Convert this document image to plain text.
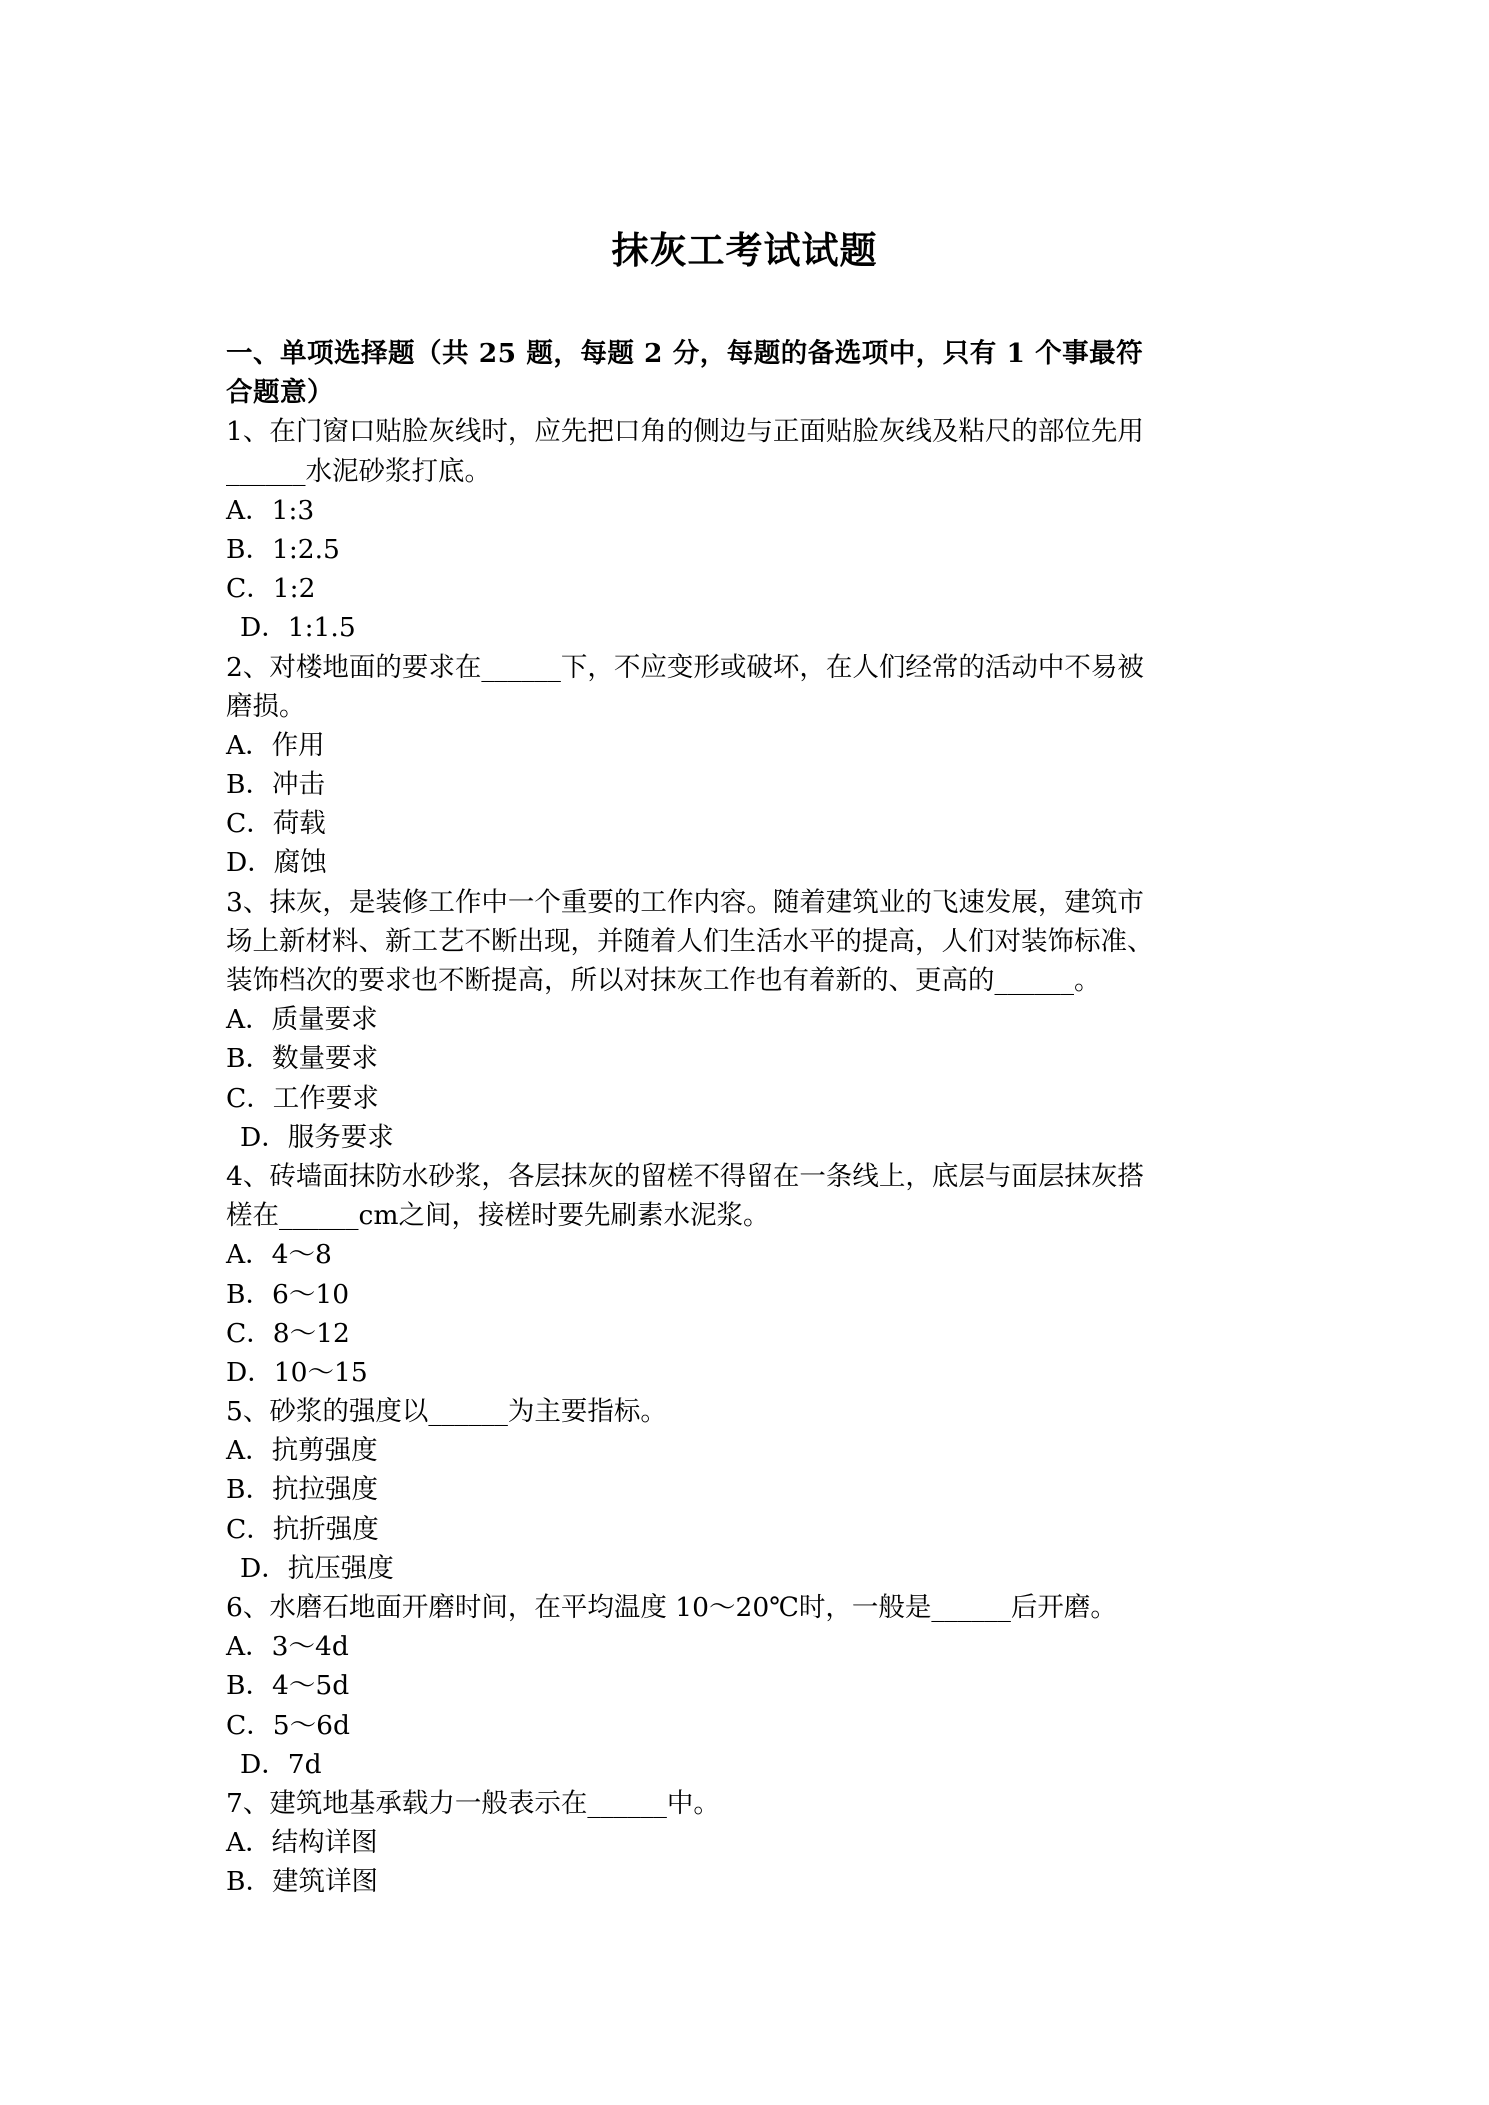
抹灰工考试试题
一、单项选择题（共 25 题，每题 2 分，每题的备选项中，只有 1 个事最符
合题意）
1、在门窗口贴脸灰线时，应先把口角的侧边与正面贴脸灰线及粘尺的部位先用
______水泥砂浆打底。
A．1:3
B．1:2.5
C．1:2
D．1:1.5
2、对楼地面的要求在______下，不应变形或破坏，在人们经常的活动中不易被
磨损。
A．作用
B．冲击
C．荷载
D．腐蚀
3、抹灰，是装修工作中一个重要的工作内容。随着建筑业的飞速发展，建筑市
场上新材料、新工艺不断出现，并随着人们生活水平的提高，人们对装饰标准、
装饰档次的要求也不断提高，所以对抹灰工作也有着新的、更高的______。
A．质量要求
B．数量要求
C．工作要求
D．服务要求
4、砖墙面抹防水砂浆，各层抹灰的留槎不得留在一条线上，底层与面层抹灰搭
槎在______cm之间，接槎时要先刷素水泥浆。
A．4～8
B．6～10
C．8～12
D．10～15
5、砂浆的强度以______为主要指标。
A．抗剪强度
B．抗拉强度
C．抗折强度
D．抗压强度
6、水磨石地面开磨时间，在平均温度 10～20℃时，一般是______后开磨。
A．3～4d
B．4～5d
C．5～6d
D．7d
7、建筑地基承载力一般表示在______中。
A．结构详图
B．建筑详图
